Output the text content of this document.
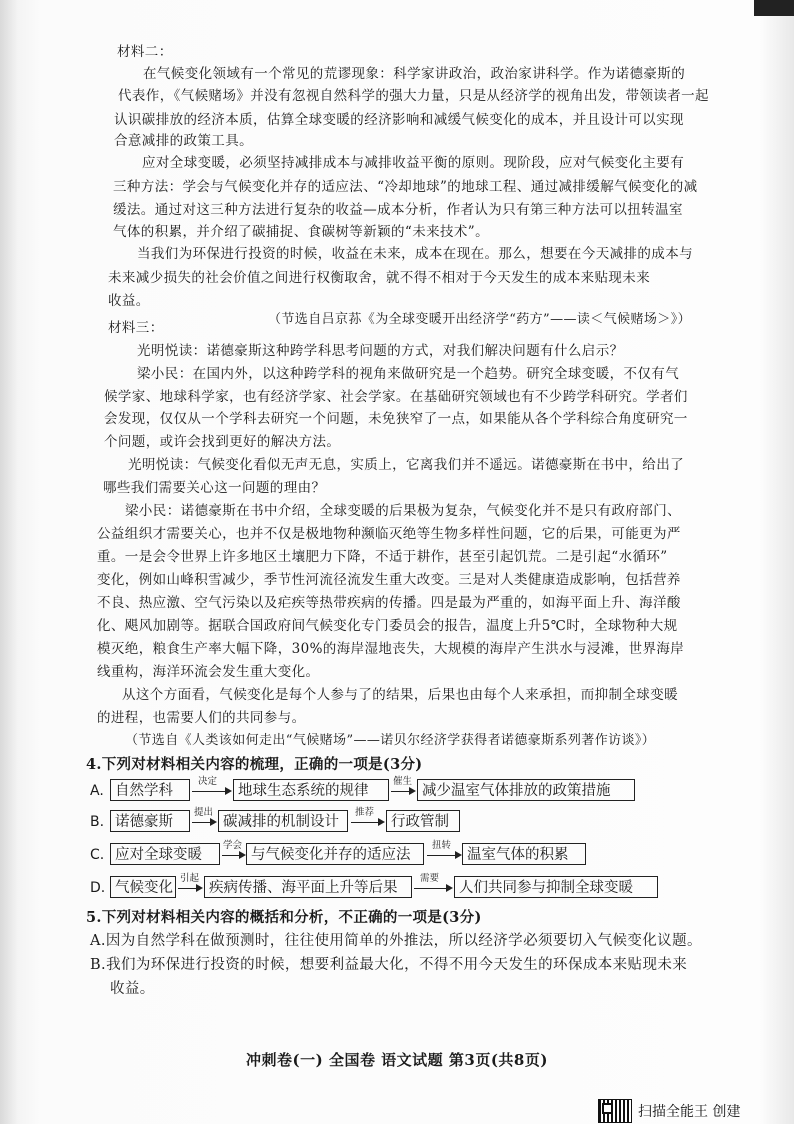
材料二：
在气候变化领域有一个常见的荒谬现象：科学家讲政治，政治家讲科学。作为诺德豪斯的
代表作，《气候赌场》并没有忽视自然科学的强大力量，只是从经济学的视角出发，带领读者一起
认识碳排放的经济本质，估算全球变暖的经济影响和减缓气候变化的成本，并且设计可以实现
合意减排的政策工具。
应对全球变暖，必须坚持减排成本与减排收益平衡的原则。现阶段，应对气候变化主要有
三种方法：学会与气候变化并存的适应法、“冷却地球”的地球工程、通过减排缓解气候变化的减
缓法。通过对这三种方法进行复杂的收益—成本分析，作者认为只有第三种方法可以扭转温室
气体的积累，并介绍了碳捕捉、食碳树等新颖的“未来技术”。
当我们为环保进行投资的时候，收益在未来，成本在现在。那么，想要在今天减排的成本与
未来减少损失的社会价值之间进行权衡取舍，就不得不相对于今天发生的成本来贴现未来
收益。
（节选自吕京荪《为全球变暖开出经济学“药方”——读＜气候赌场＞》）
材料三：
光明悦读：诺德豪斯这种跨学科思考问题的方式，对我们解决问题有什么启示？
梁小民：在国内外，以这种跨学科的视角来做研究是一个趋势。研究全球变暖，不仅有气
候学家、地球科学家，也有经济学家、社会学家。在基础研究领域也有不少跨学科研究。学者们
会发现，仅仅从一个学科去研究一个问题，未免狭窄了一点，如果能从各个学科综合角度研究一
个问题，或许会找到更好的解决方法。
光明悦读：气候变化看似无声无息，实质上，它离我们并不遥远。诺德豪斯在书中，给出了
哪些我们需要关心这一问题的理由？
梁小民：诺德豪斯在书中介绍，全球变暖的后果极为复杂，气候变化并不是只有政府部门、
公益组织才需要关心，也并不仅是极地物种濒临灭绝等生物多样性问题，它的后果，可能更为严
重。一是会令世界上许多地区土壤肥力下降，不适于耕作，甚至引起饥荒。二是引起“水循环”
变化，例如山峰积雪减少，季节性河流径流发生重大改变。三是对人类健康造成影响，包括营养
不良、热应激、空气污染以及疟疾等热带疾病的传播。四是最为严重的，如海平面上升、海洋酸
化、飓风加剧等。据联合国政府间气候变化专门委员会的报告，温度上升5℃时，全球物种大规
模灭绝，粮食生产率大幅下降，30%的海岸湿地丧失，大规模的海岸产生洪水与浸滩，世界海岸
线重构，海洋环流会发生重大变化。
从这个方面看，气候变化是每个人参与了的结果，后果也由每个人来承担，而抑制全球变暖
的进程，也需要人们的共同参与。
（节选自《人类该如何走出“气候赌场”——诺贝尔经济学获得者诺德豪斯系列著作访谈》）
4.下列对材料相关内容的梳理，正确的一项是(3分)
A. 自然学科
决定
地球生态系统的规律
催生
减少温室气体排放的政策措施
B. 诺德豪斯
提出
碳减排的机制设计
推荐
行政管制
C. 应对全球变暖
学会
与气候变化并存的适应法
扭转
温室气体的积累
D. 气候变化
引起
疾病传播、海平面上升等后果
需要
人们共同参与抑制全球变暖
5.下列对材料相关内容的概括和分析，不正确的一项是(3分)
A.因为自然学科在做预测时，往往使用简单的外推法，所以经济学必须要切入气候变化议题。
B.我们为环保进行投资的时候，想要利益最大化，不得不用今天发生的环保成本来贴现未来
收益。
冲刺卷(一) 全国卷 语文试题 第3页(共8页)
扫描全能王 创建
